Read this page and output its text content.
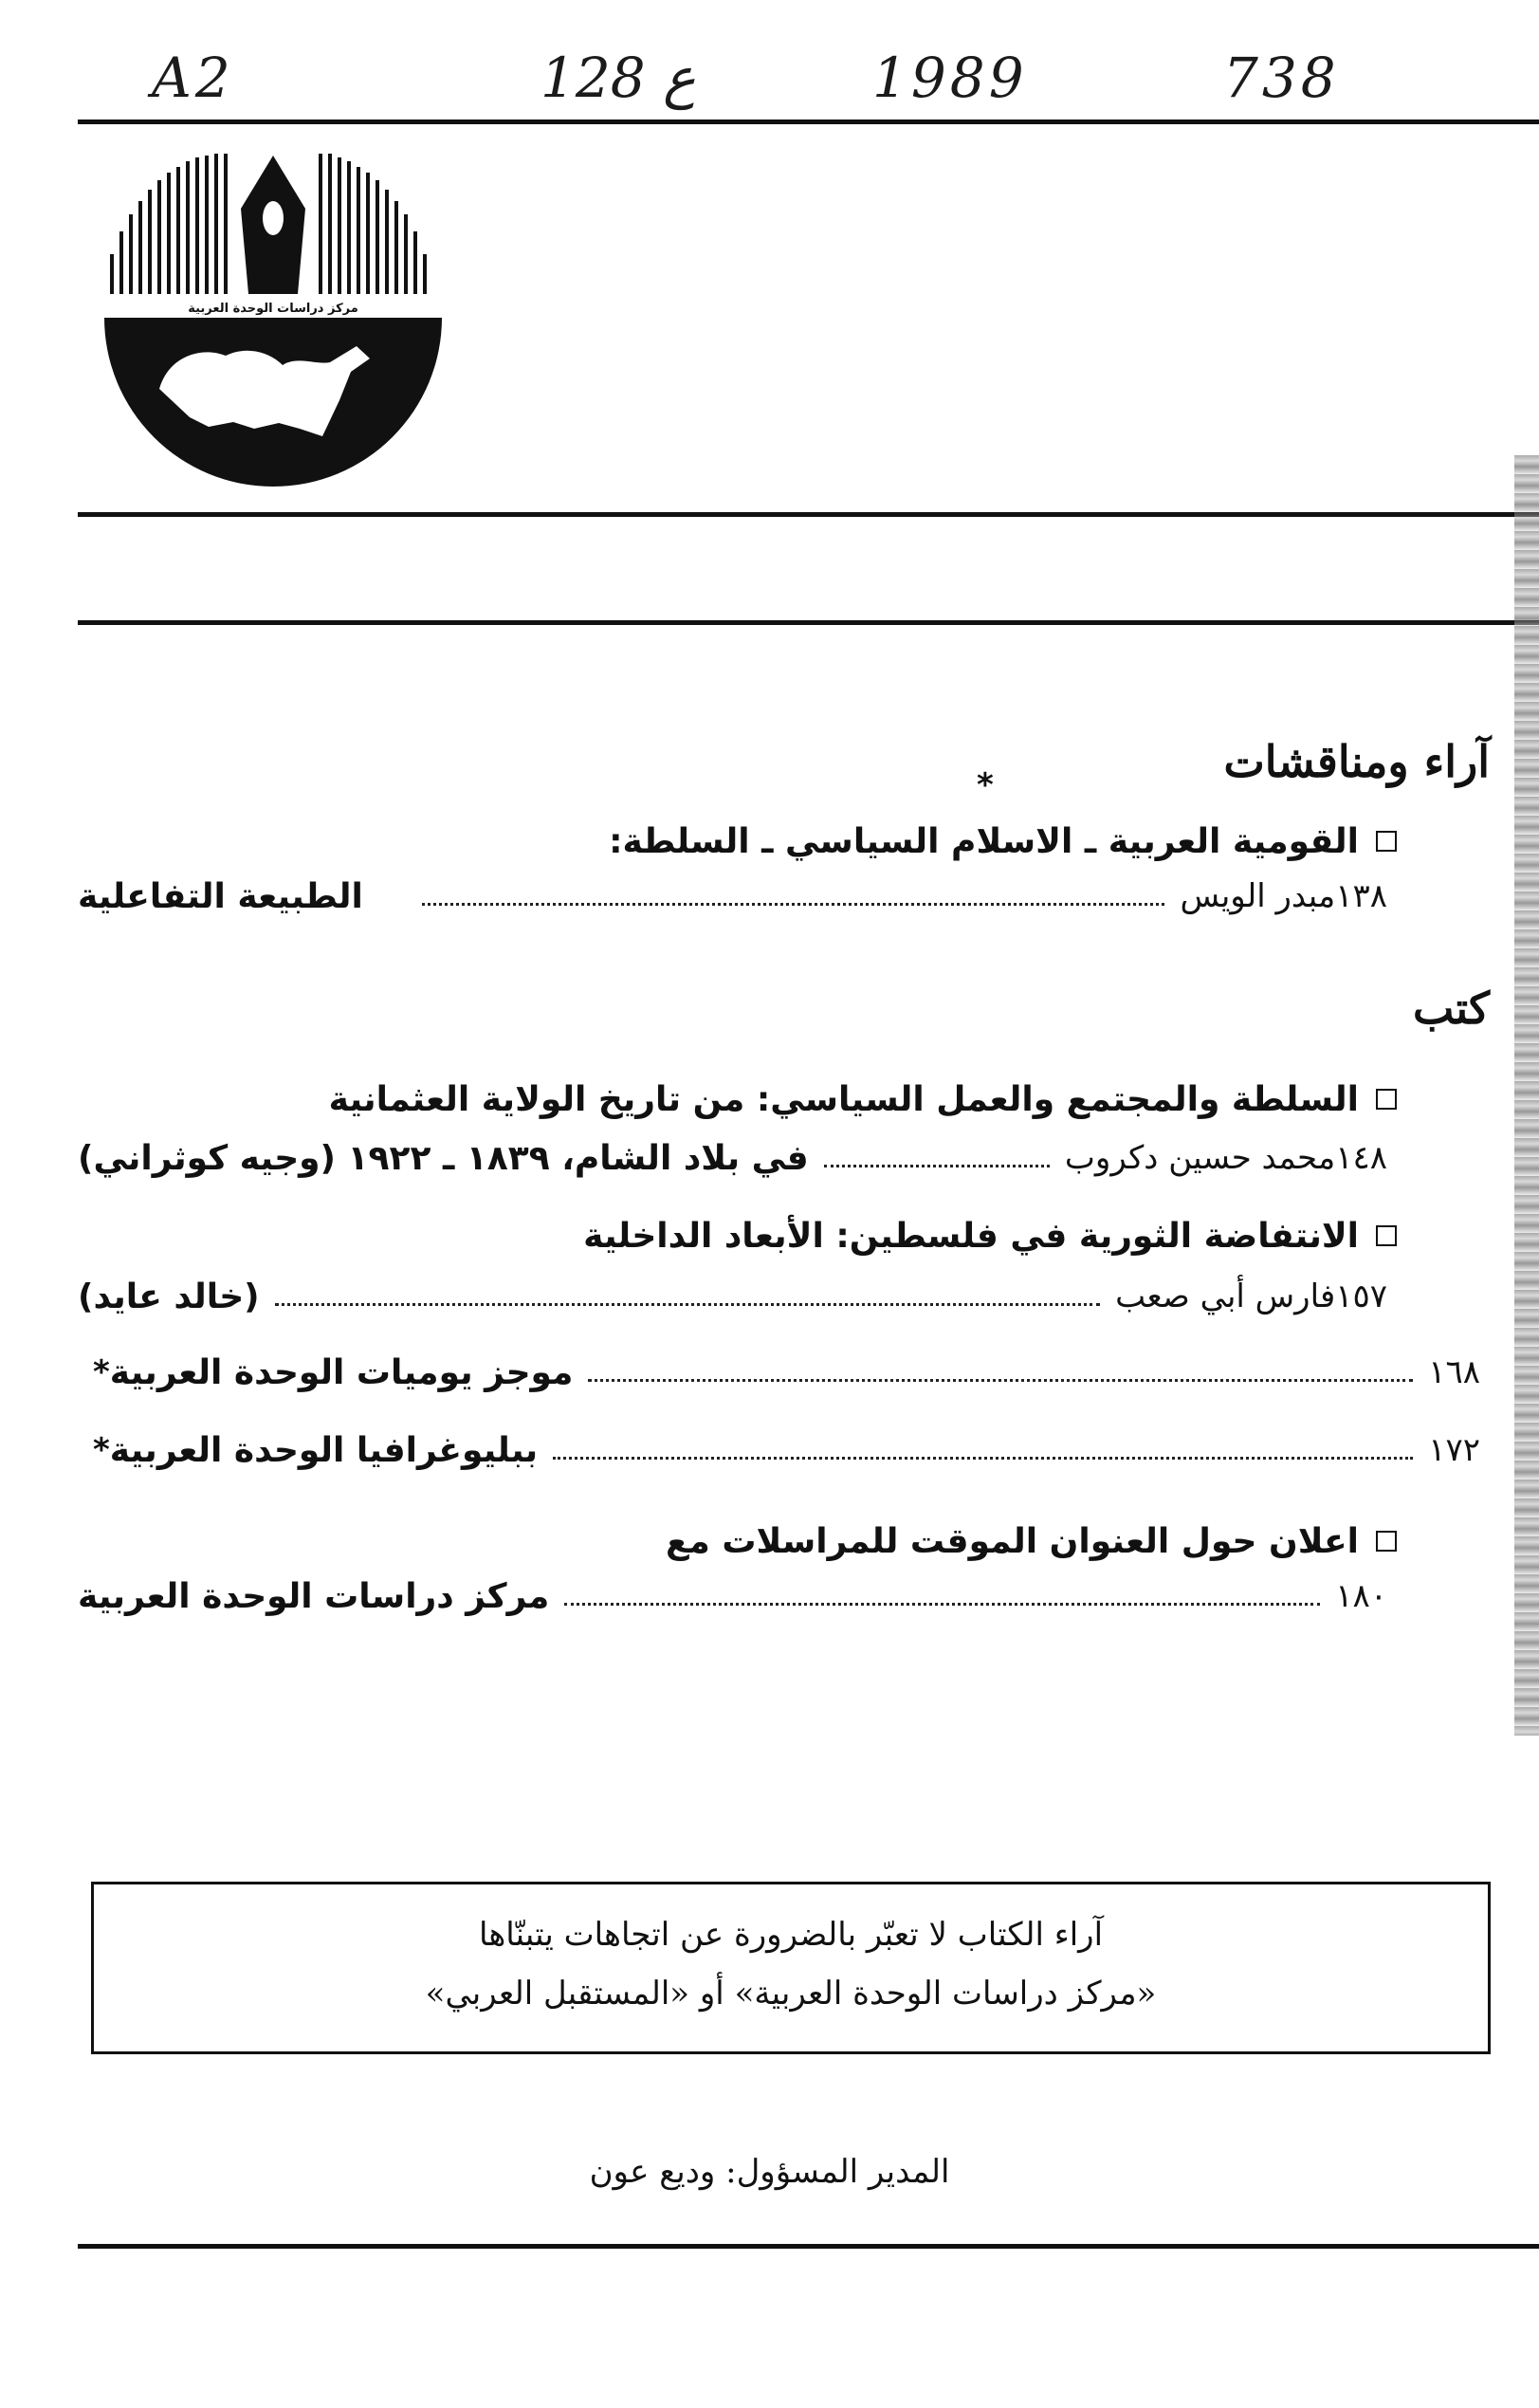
A2	128 ع	1989	738
مركز دراسات الوحدة العربية
آراء ومناقشات
*
القومية العربية ـ الاسلام السياسي ـ السلطة:
الطبيعة التفاعلية	مبدر الويس ١٣٨
كتب
السلطة والمجتمع والعمل السياسي: من تاريخ الولاية العثمانية
في بلاد الشام، ١٨٣٩ ـ ١٩٢٢ (وجيه كوثراني)	محمد حسين دكروب ١٤٨
الانتفاضة الثورية في فلسطين: الأبعاد الداخلية
(خالد عايد)	فارس أبي صعب ١٥٧
* موجز يوميات الوحدة العربية	١٦٨
* ببليوغرافيا الوحدة العربية	١٧٢
اعلان حول العنوان الموقت للمراسلات مع
مركز دراسات الوحدة العربية	١٨٠
آراء الكتاب لا تعبّر بالضرورة عن اتجاهات يتبنّاها
«مركز دراسات الوحدة العربية» أو «المستقبل العربي»
المدير المسؤول: وديع عون
